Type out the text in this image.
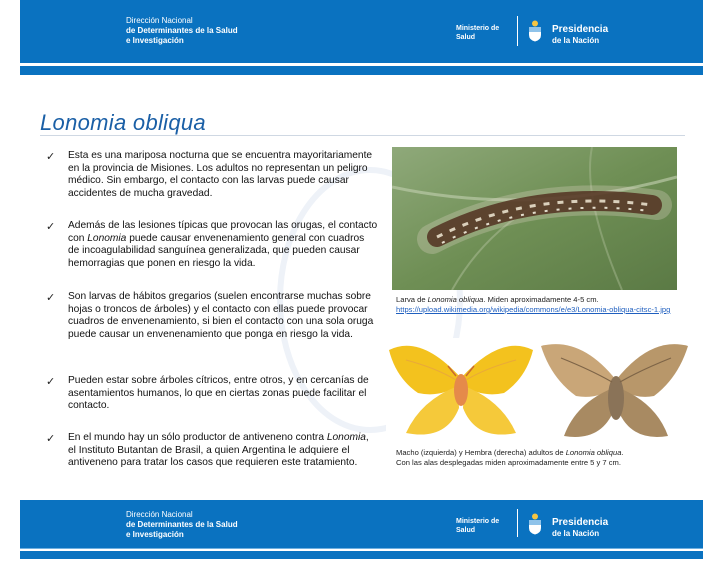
Dirección Nacional
de Determinantes de la Salud
e Investigación
Ministerio de
Salud
Presidencia
de la Nación
Lonomia obliqua
✓ Esta es una mariposa nocturna que se encuentra mayoritariamente en la provincia de Misiones. Los adultos no representan un peligro médico. Sin embargo, el contacto con las larvas puede causar accidentes de mucha gravedad.
✓ Además de las lesiones típicas que provocan las orugas, el contacto con Lonomia puede causar envenenamiento general con cuadros de incoagulabilidad sanguínea generalizada, que pueden causar hemorragias que ponen en riesgo la vida.
✓ Son larvas de hábitos gregarios (suelen encontrarse muchas sobre hojas o troncos de árboles) y el contacto con ellas puede provocar cuadros de envenenamiento, si bien el contacto con una sola oruga puede causar un envenenamiento que ponga en riesgo la vida.
✓ Pueden estar sobre árboles cítricos, entre otros, y en cercanías de asentamientos humanos, lo que en ciertas zonas puede facilitar el contacto.
✓ En el mundo hay un sólo productor de antiveneno contra Lonomia, el Instituto Butantan de Brasil, a quien Argentina le adquiere el antiveneno para tratar los casos que requieren este tratamiento.
Larva de Lonomia obliqua. Miden aproximadamente 4-5 cm.
https://upload.wikimedia.org/wikipedia/commons/e/e3/Lonomia-obliqua-citsc-1.jpg
Macho (izquierda) y Hembra (derecha) adultos de Lonomia obliqua.
Con las alas desplegadas miden aproximadamente entre 5 y 7 cm.
Dirección Nacional
de Determinantes de la Salud
e Investigación
Ministerio de
Salud
Presidencia
de la Nación
